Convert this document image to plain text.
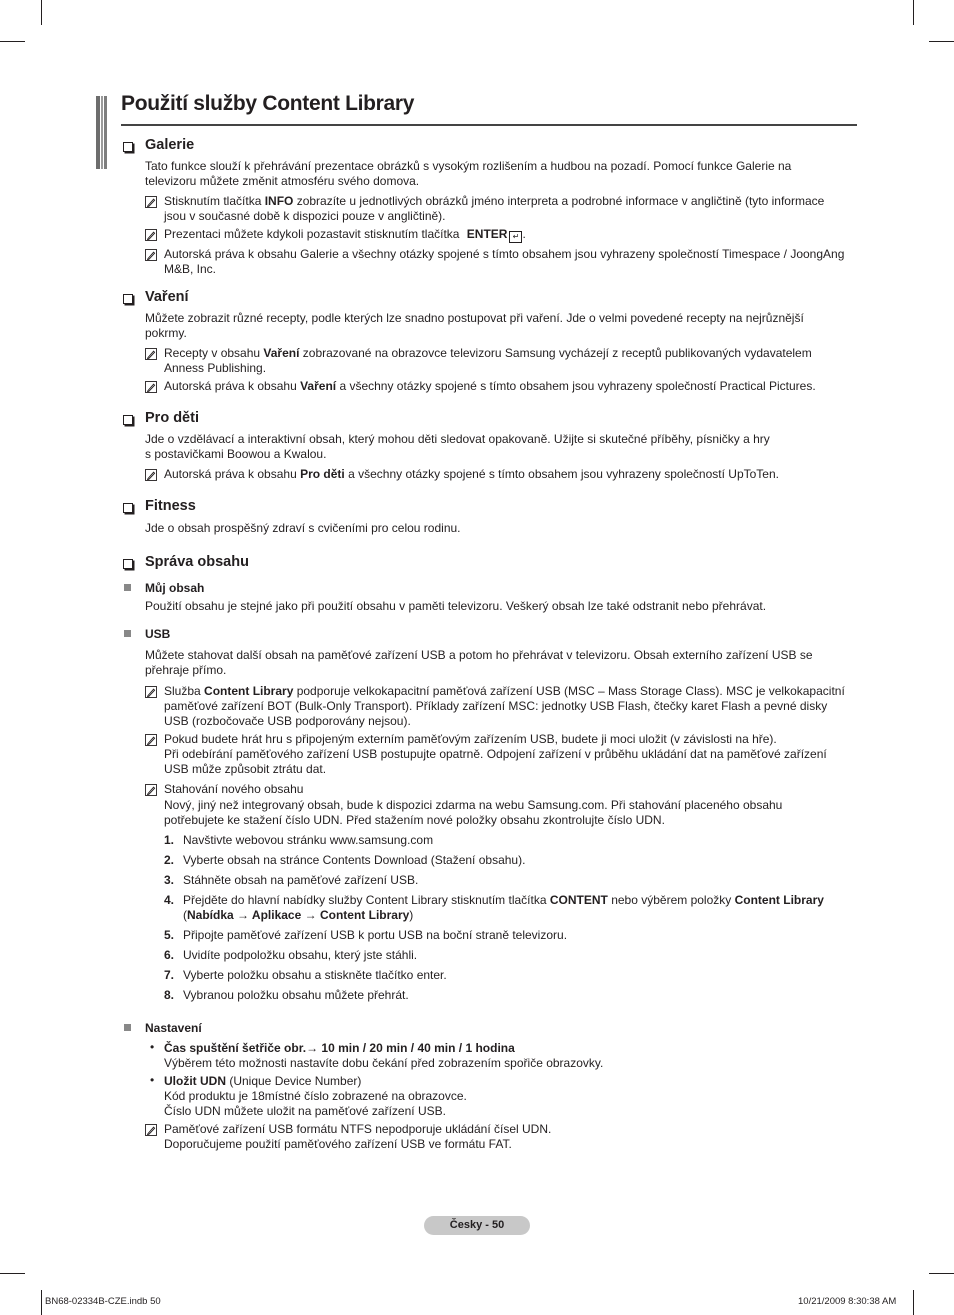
Použití služby Content Library
Galerie
Tato funkce slouží k přehrávání prezentace obrázků s vysokým rozlišením a hudbou na pozadí. Pomocí funkce Galerie na
televizoru můžete změnit atmosféru svého domova.
Stisknutím tlačítka INFO zobrazíte u jednotlivých obrázků jméno interpreta a podrobné informace v angličtině (tyto informace
jsou v současné době k dispozici pouze v angličtině).
Prezentaci můžete kdykoli pozastavit stisknutím tlačítka ENTER ↵ .
Autorská práva k obsahu Galerie a všechny otázky spojené s tímto obsahem jsou vyhrazeny společností Timespace / JoongAng
M&B, Inc.
Vaření
Můžete zobrazit různé recepty, podle kterých lze snadno postupovat při vaření. Jde o velmi povedené recepty na nejrůznější
pokrmy.
Recepty v obsahu Vaření zobrazované na obrazovce televizoru Samsung vycházejí z receptů publikovaných vydavatelem
Anness Publishing.
Autorská práva k obsahu Vaření a všechny otázky spojené s tímto obsahem jsou vyhrazeny společností Practical Pictures.
Pro děti
Jde o vzdělávací a interaktivní obsah, který mohou děti sledovat opakovaně. Užijte si skutečné příběhy, písničky a hry
s postavičkami Boowou a Kwalou.
Autorská práva k obsahu Pro děti a všechny otázky spojené s tímto obsahem jsou vyhrazeny společností UpToTen.
Fitness
Jde o obsah prospěšný zdraví s cvičeními pro celou rodinu.
Správa obsahu
Můj obsah
Použití obsahu je stejné jako při použití obsahu v paměti televizoru. Veškerý obsah lze také odstranit nebo přehrávat.
USB
Můžete stahovat další obsah na paměťové zařízení USB a potom ho přehrávat v televizoru. Obsah externího zařízení USB se
přehraje přímo.
Služba Content Library podporuje velkokapacitní paměťová zařízení USB (MSC – Mass Storage Class). MSC je velkokapacitní
paměťové zařízení BOT (Bulk-Only Transport). Příklady zařízení MSC: jednotky USB Flash, čtečky karet Flash a pevné disky
USB (rozbočovače USB podporovány nejsou).
Pokud budete hrát hru s připojeným externím paměťovým zařízením USB, budete ji moci uložit (v závislosti na hře).
Při odebírání paměťového zařízení USB postupujte opatrně. Odpojení zařízení v průběhu ukládání dat na paměťové zařízení
USB může způsobit ztrátu dat.
Stahování nového obsahu
Nový, jiný než integrovaný obsah, bude k dispozici zdarma na webu Samsung.com. Při stahování placeného obsahu
potřebujete ke stažení číslo UDN. Před stažením nové položky obsahu zkontrolujte číslo UDN.
1. Navštivte webovou stránku www.samsung.com
2. Vyberte obsah na stránce Contents Download (Stažení obsahu).
3. Stáhněte obsah na paměťové zařízení USB.
4. Přejděte do hlavní nabídky služby Content Library stisknutím tlačítka CONTENT nebo výběrem položky Content Library
(Nabídka → Aplikace → Content Library)
5. Připojte paměťové zařízení USB k portu USB na boční straně televizoru.
6. Uvidíte podpoložku obsahu, který jste stáhli.
7. Vyberte položku obsahu a stiskněte tlačítko enter.
8. Vybranou položku obsahu můžete přehrát.
Nastavení
• Čas spuštění šetřiče obr.→ 10 min / 20 min / 40 min / 1 hodina
Výběrem této možnosti nastavíte dobu čekání před zobrazením spořiče obrazovky.
• Uložit UDN (Unique Device Number)
Kód produktu je 18místné číslo zobrazené na obrazovce.
Číslo UDN můžete uložit na paměťové zařízení USB.
Paměťové zařízení USB formátu NTFS nepodporuje ukládání čísel UDN.
Doporučujeme použití paměťového zařízení USB ve formátu FAT.
Česky - 50
BN68-02334B-CZE.indb 50	10/21/2009 8:30:38 AM
